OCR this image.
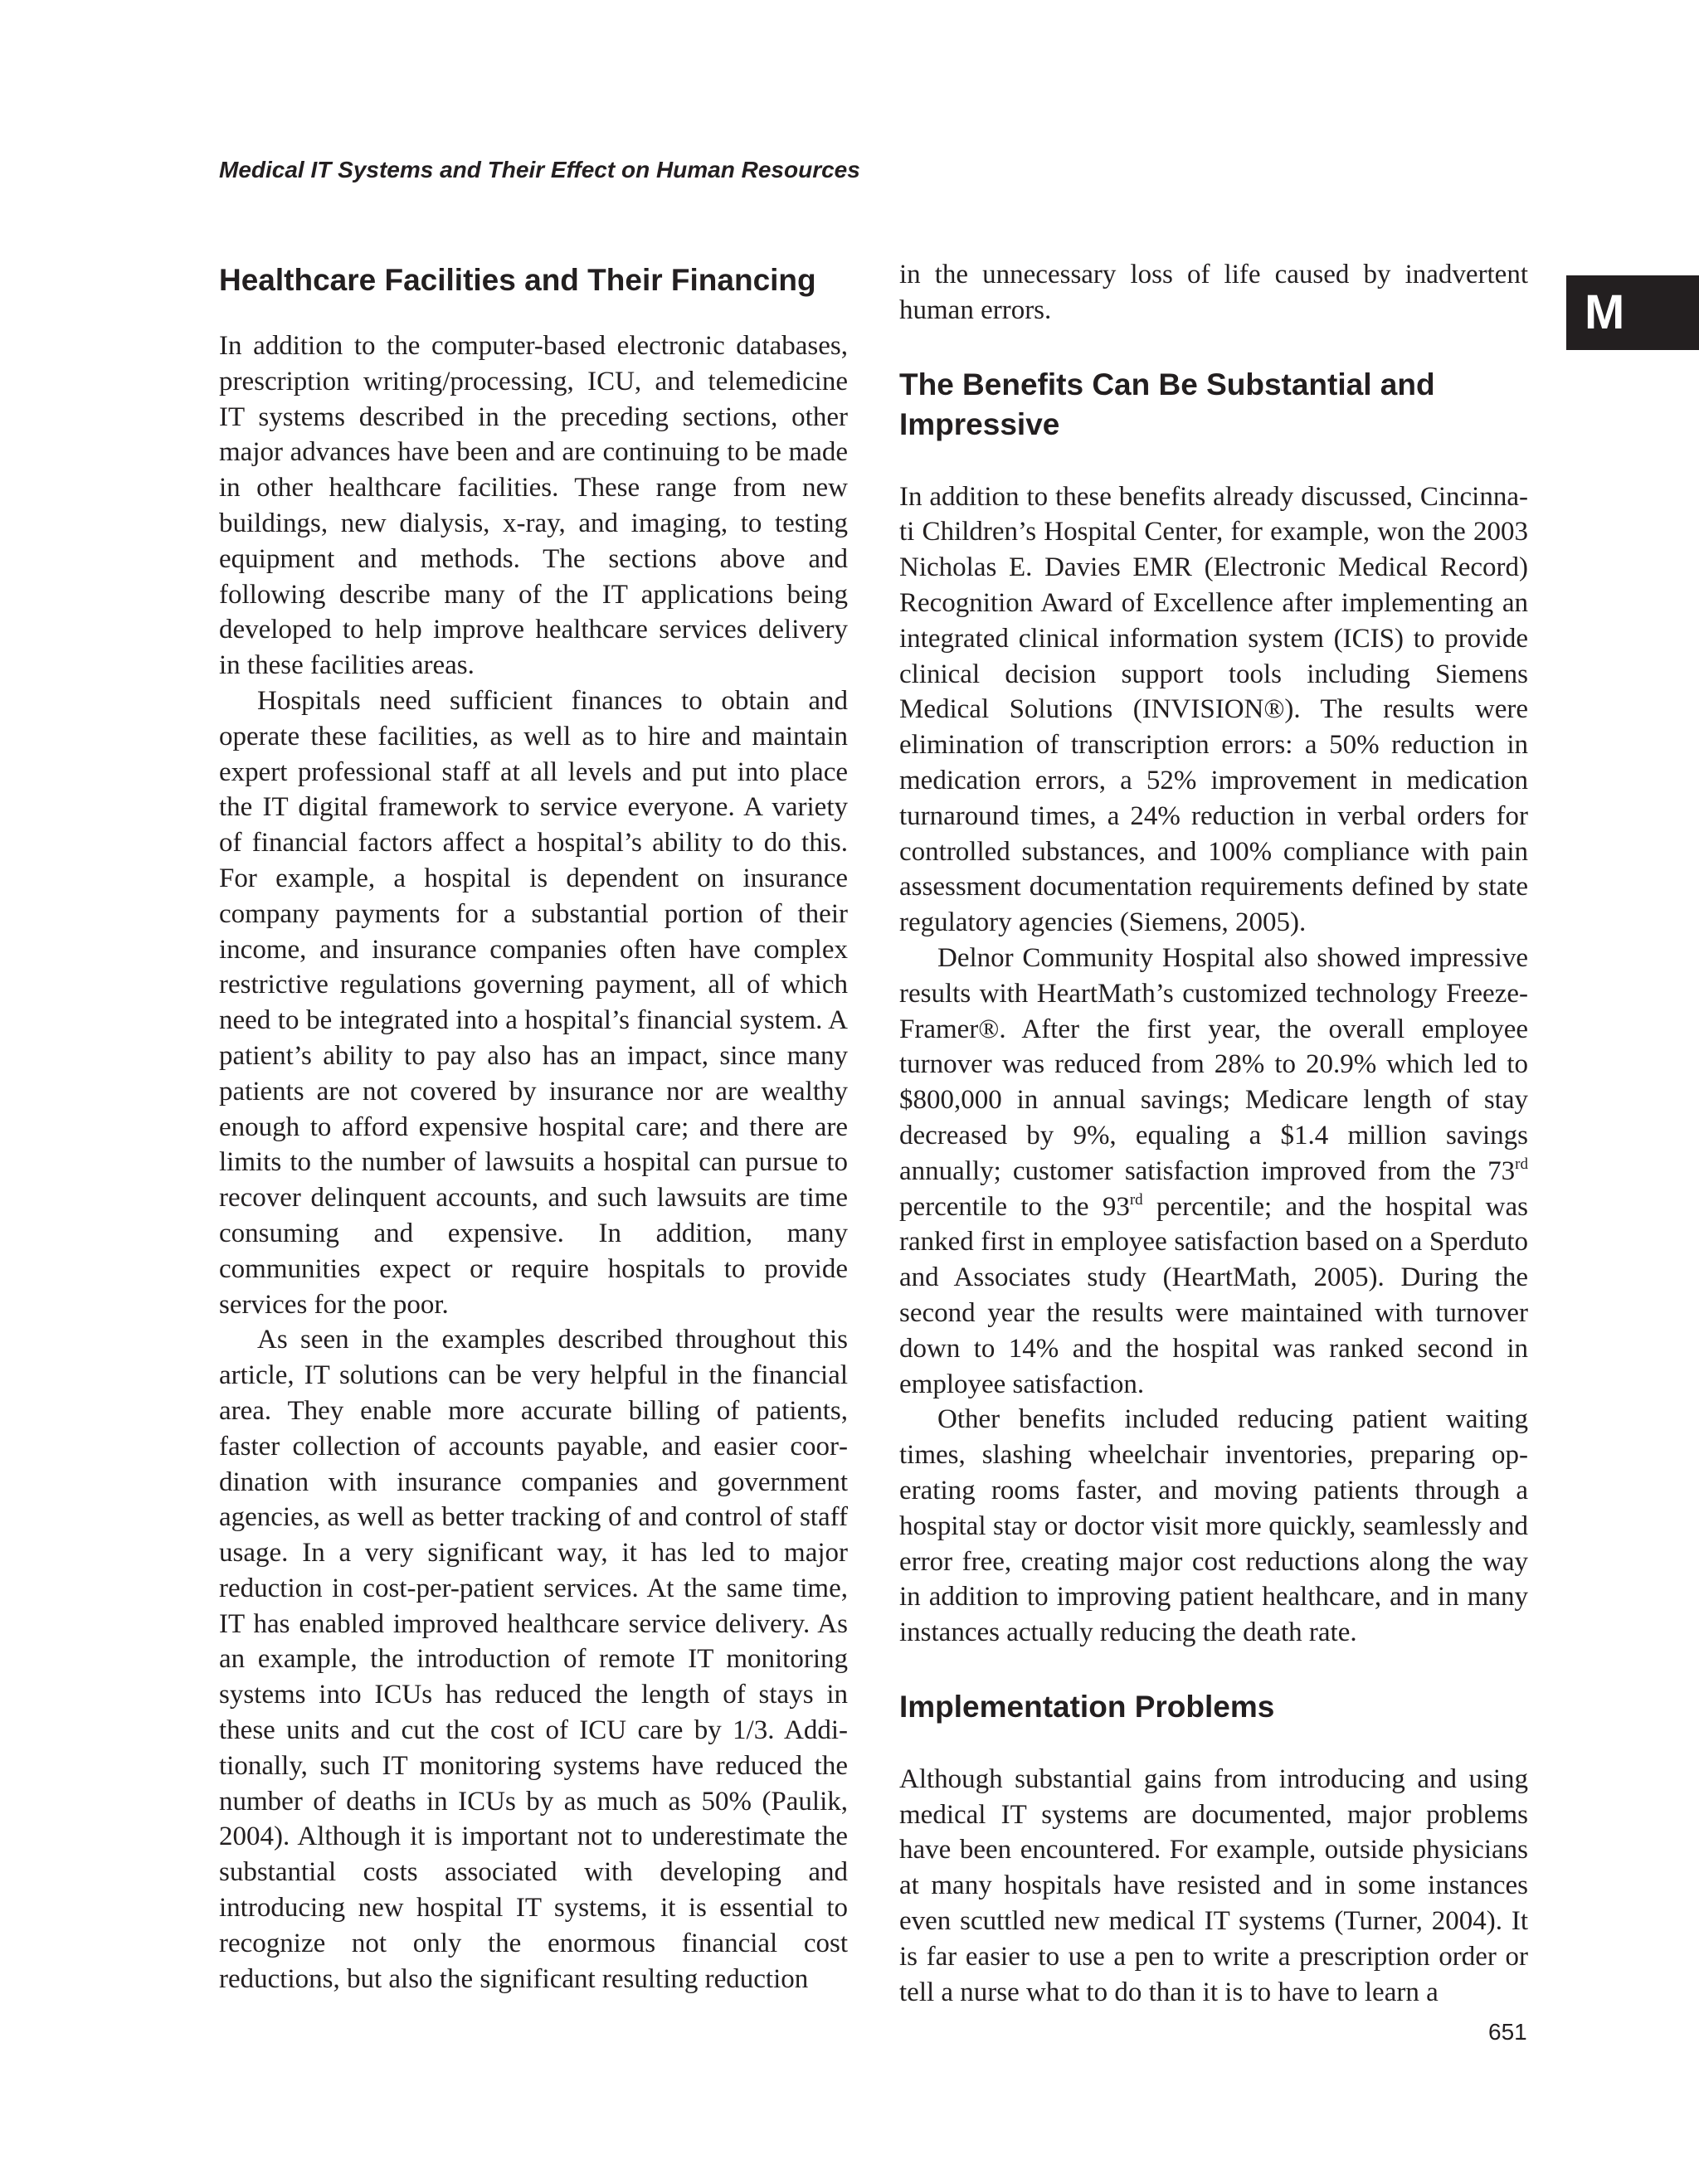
Medical IT Systems and Their Effect on Human Resources
M
Healthcare Facilities and Their Financing

In addition to the computer-based electronic databases, prescription writing/processing, ICU, and telemedicine IT systems described in the preceding sections, other major advances have been and are continuing to be made in other healthcare facilities. These range from new buildings, new dialysis, x-ray, and imaging, to testing equipment and methods. The sections above and following describe many of the IT applications being developed to help improve healthcare services delivery in these facilities areas.

Hospitals need sufficient finances to obtain and operate these facilities, as well as to hire and maintain expert professional staff at all levels and put into place the IT digital framework to service everyone. A variety of financial factors affect a hospital’s ability to do this. For example, a hospital is dependent on insurance company payments for a substantial portion of their income, and insurance companies often have complex restrictive regulations governing payment, all of which need to be integrated into a hospital’s financial system. A patient’s ability to pay also has an impact, since many patients are not covered by insurance nor are wealthy enough to afford expensive hospital care; and there are limits to the number of lawsuits a hospital can pursue to recover delinquent accounts, and such lawsuits are time consuming and expensive. In addition, many communities expect or require hospitals to provide services for the poor.

As seen in the examples described throughout this article, IT solutions can be very helpful in the financial area. They enable more accurate billing of patients, faster collection of accounts payable, and easier coordination with insurance companies and government agencies, as well as better tracking of and control of staff usage. In a very significant way, it has led to major reduction in cost-per-patient services. At the same time, IT has enabled improved healthcare service delivery. As an example, the introduction of remote IT monitoring systems into ICUs has reduced the length of stays in these units and cut the cost of ICU care by 1/3. Additionally, such IT monitoring systems have reduced the number of deaths in ICUs by as much as 50% (Paulik, 2004). Although it is important not to underestimate the substantial costs associated with developing and introducing new hospital IT systems, it is essential to recognize not only the enormous financial cost reductions, but also the significant resulting reduction

in the unnecessary loss of life caused by inadvertent human errors.

The Benefits Can Be Substantial and Impressive

In addition to these benefits already discussed, Cincinnati Children’s Hospital Center, for example, won the 2003 Nicholas E. Davies EMR (Electronic Medical Record) Recognition Award of Excellence after implementing an integrated clinical information system (ICIS) to provide clinical decision support tools including Siemens Medical Solutions (INVISION®). The results were elimination of transcription errors: a 50% reduction in medication errors, a 52% improvement in medication turnaround times, a 24% reduction in verbal orders for controlled substances, and 100% compliance with pain assessment documentation requirements defined by state regulatory agencies (Siemens, 2005).

Delnor Community Hospital also showed impressive results with HeartMath’s customized technology Freeze-Framer®. After the first year, the overall employee turnover was reduced from 28% to 20.9% which led to $800,000 in annual savings; Medicare length of stay decreased by 9%, equaling a $1.4 million savings annually; customer satisfaction improved from the 73rd percentile to the 93rd percentile; and the hospital was ranked first in employee satisfaction based on a Sperduto and Associates study (HeartMath, 2005). During the second year the results were maintained with turnover down to 14% and the hospital was ranked second in employee satisfaction.

Other benefits included reducing patient waiting times, slashing wheelchair inventories, preparing operating rooms faster, and moving patients through a hospital stay or doctor visit more quickly, seamlessly and error free, creating major cost reductions along the way in addition to improving patient healthcare, and in many instances actually reducing the death rate.

Implementation Problems

Although substantial gains from introducing and using medical IT systems are documented, major problems have been encountered. For example, outside physicians at many hospitals have resisted and in some instances even scuttled new medical IT systems (Turner, 2004). It is far easier to use a pen to write a prescription order or tell a nurse what to do than it is to have to learn a

651
